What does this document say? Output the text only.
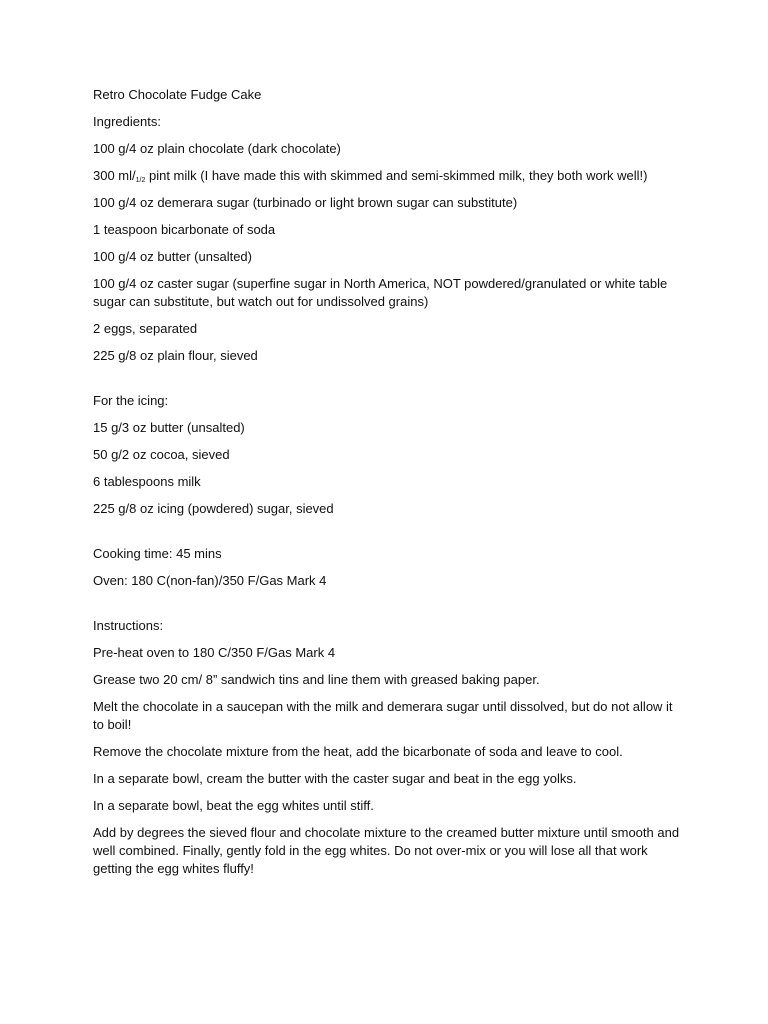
Retro Chocolate Fudge Cake

Ingredients:

100 g/4 oz plain chocolate (dark chocolate)

300 $ml/_{1/2}$ pint milk (I have made this with skimmed and semi-skimmed milk, they both work well!)

100 g/4 oz demerara sugar (turbinado or light brown sugar can substitute)

1 teaspoon bicarbonate of soda

100 g/4 oz butter (unsalted)

100 g/4 oz caster sugar (superfine sugar in North America, NOT powdered/granulated or white table sugar can substitute, but watch out for undissolved grains)

2 eggs, separated

225 g/8 oz plain flour, sieved

For the icing:

15 g/3 oz butter (unsalted)

50 g/2 oz cocoa, sieved

6 tablespoons milk

225 g/8 oz icing (powdered) sugar, sieved

Cooking time: 45 mins

Oven: 180 C(non-fan)/350 F/Gas Mark 4

Instructions:

Pre-heat oven to 180 C/350 F/Gas Mark 4

Grease two 20 cm/ 8” sandwich tins and line them with greased baking paper.

Melt the chocolate in a saucepan with the milk and demerara sugar until dissolved, but do not allow it to boil!

Remove the chocolate mixture from the heat, add the bicarbonate of soda and leave to cool.

In a separate bowl, cream the butter with the caster sugar and beat in the egg yolks.

In a separate bowl, beat the egg whites until stiff.

Add by degrees the sieved flour and chocolate mixture to the creamed butter mixture until smooth and well combined. Finally, gently fold in the egg whites. Do not over-mix or you will lose all that work getting the egg whites fluffy!
